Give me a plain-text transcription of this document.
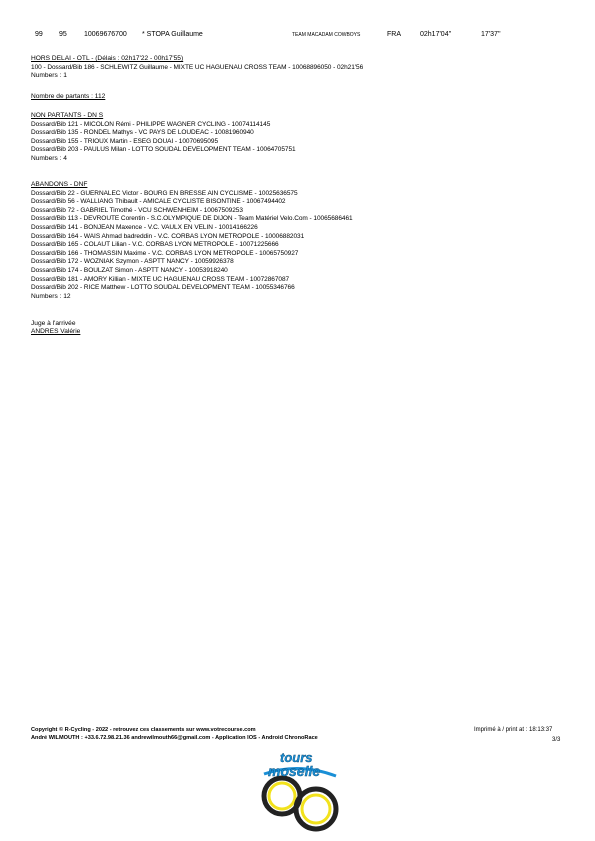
99 95 10069676700 * STOPA Guillaume	TEAM MACADAM COWBOYS	FRA	02h17'04''	17'37''
HORS DELAI - OTL - (Délais : 02h17'22 - 00h17'55)
100 - Dossard/Bib 186 - SCHLEWITZ Guillaume - MIXTE UC HAGUENAU CROSS TEAM - 10068896050 - 02h21'56
Numbers : 1
Nombre de partants : 112
NON PARTANTS - DN S
Dossard/Bib 121 - MICOLON Rémi - PHILIPPE WAGNER CYCLING - 10074114145
Dossard/Bib 135 - RONDEL Mathys - VC PAYS DE LOUDEAC - 10081960940
Dossard/Bib 155 - TRIOUX Martin - ESEG DOUAI - 10070695095
Dossard/Bib 203 - PAULUS Milan - LOTTO SOUDAL DEVELOPMENT TEAM - 10064705751
Numbers : 4
ABANDONS - DNF
Dossard/Bib 22 - GUERNALEC Victor - BOURG EN BRESSE AIN CYCLISME - 10025636575
Dossard/Bib 56 - WALLIANG Thibault - AMICALE CYCLISTE BISONTINE - 10067494402
Dossard/Bib 72 - GABRIEL Timothé - VCU SCHWENHEIM - 10067509253
Dossard/Bib 113 - DEVROUTE Corentin - S.C.OLYMPIQUE DE DIJON - Team Matériel Velo.Com - 10065686461
Dossard/Bib 141 - BONJEAN Maxence - V.C. VAULX EN VELIN - 10014166226
Dossard/Bib 164 - WAIS Ahmad badreddin - V.C. CORBAS LYON METROPOLE - 10006882031
Dossard/Bib 165 - COLAUT Lilian - V.C. CORBAS LYON METROPOLE - 10071225666
Dossard/Bib 166 - THOMASSIN Maxime - V.C. CORBAS LYON METROPOLE - 10065750927
Dossard/Bib 172 - WOZNIAK Szymon - ASPTT NANCY - 10059926378
Dossard/Bib 174 - BOULZAT Simon - ASPTT NANCY - 10053918240
Dossard/Bib 181 - AMORY Killian - MIXTE UC HAGUENAU CROSS TEAM - 10072867087
Dossard/Bib 202 - RICE Matthew - LOTTO SOUDAL DEVELOPMENT TEAM - 10055346766
Numbers : 12
Juge à l'arrivée
ANDRES Valérie
Copyright © R-Cycling - 2022 - retrouvez ces classements sur www.votrecourse.com
André WILMOUTH : +33.6.72.98.21.36 andrewilmouth66@gmail.com - Application IOS - Android ChronoRace
Imprimé à / print at : 18:13:37
3/3
tours
moselle
